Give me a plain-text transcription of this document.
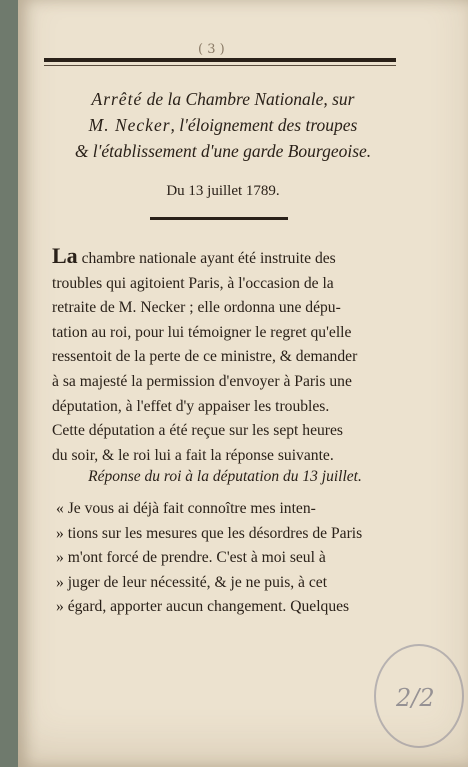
( 3 )
Arrêté de la Chambre Nationale, sur
M. Necker, l'éloignement des troupes
& l'établissement d'une garde Bourgeoise.
Du 13 juillet 1789.
La chambre nationale ayant été instruite des
troubles qui agitoient Paris, à l'occasion de la
retraite de M. Necker ; elle ordonna une dépu-
tation au roi, pour lui témoigner le regret qu'elle
ressentoit de la perte de ce ministre, & demander
à sa majesté la permission d'envoyer à Paris une
députation, à l'effet d'y appaiser les troubles.
Cette députation a été reçue sur les sept heures
du soir, & le roi lui a fait la réponse suivante.
Réponse du roi à la députation du 13 juillet.
« Je vous ai déjà fait connoître mes inten-
» tions sur les mesures que les désordres de Paris
» m'ont forcé de prendre. C'est à moi seul à
» juger de leur nécessité, & je ne puis, à cet
» égard, apporter aucun changement. Quelques
2/2
